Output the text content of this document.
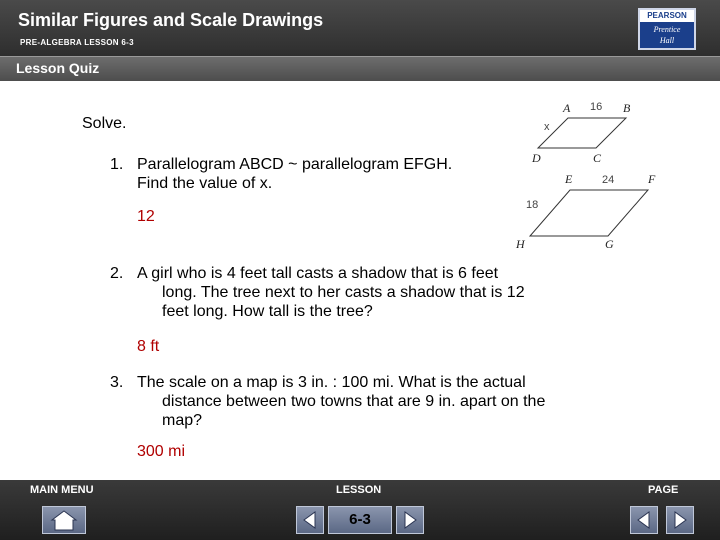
Similar Figures and Scale Drawings
PRE-ALGEBRA LESSON 6-3
PEARSON
Prentice
Hall
Lesson Quiz
Solve.
1. Parallelogram ABCD ~ parallelogram EFGH.
Find the value of x.
12
2. A girl who is 4 feet tall casts a shadow that is 6 feet
long. The tree next to her casts a shadow that is 12
feet long. How tall is the tree?
8 ft
3. The scale on a map is 3 in. : 100 mi. What is the actual
distance between two towns that are 9 in. apart on the
map?
300 mi
A	B
C
D
E	F
G
H
16
x
24
18
MAIN MENU	LESSON	PAGE
6-3
